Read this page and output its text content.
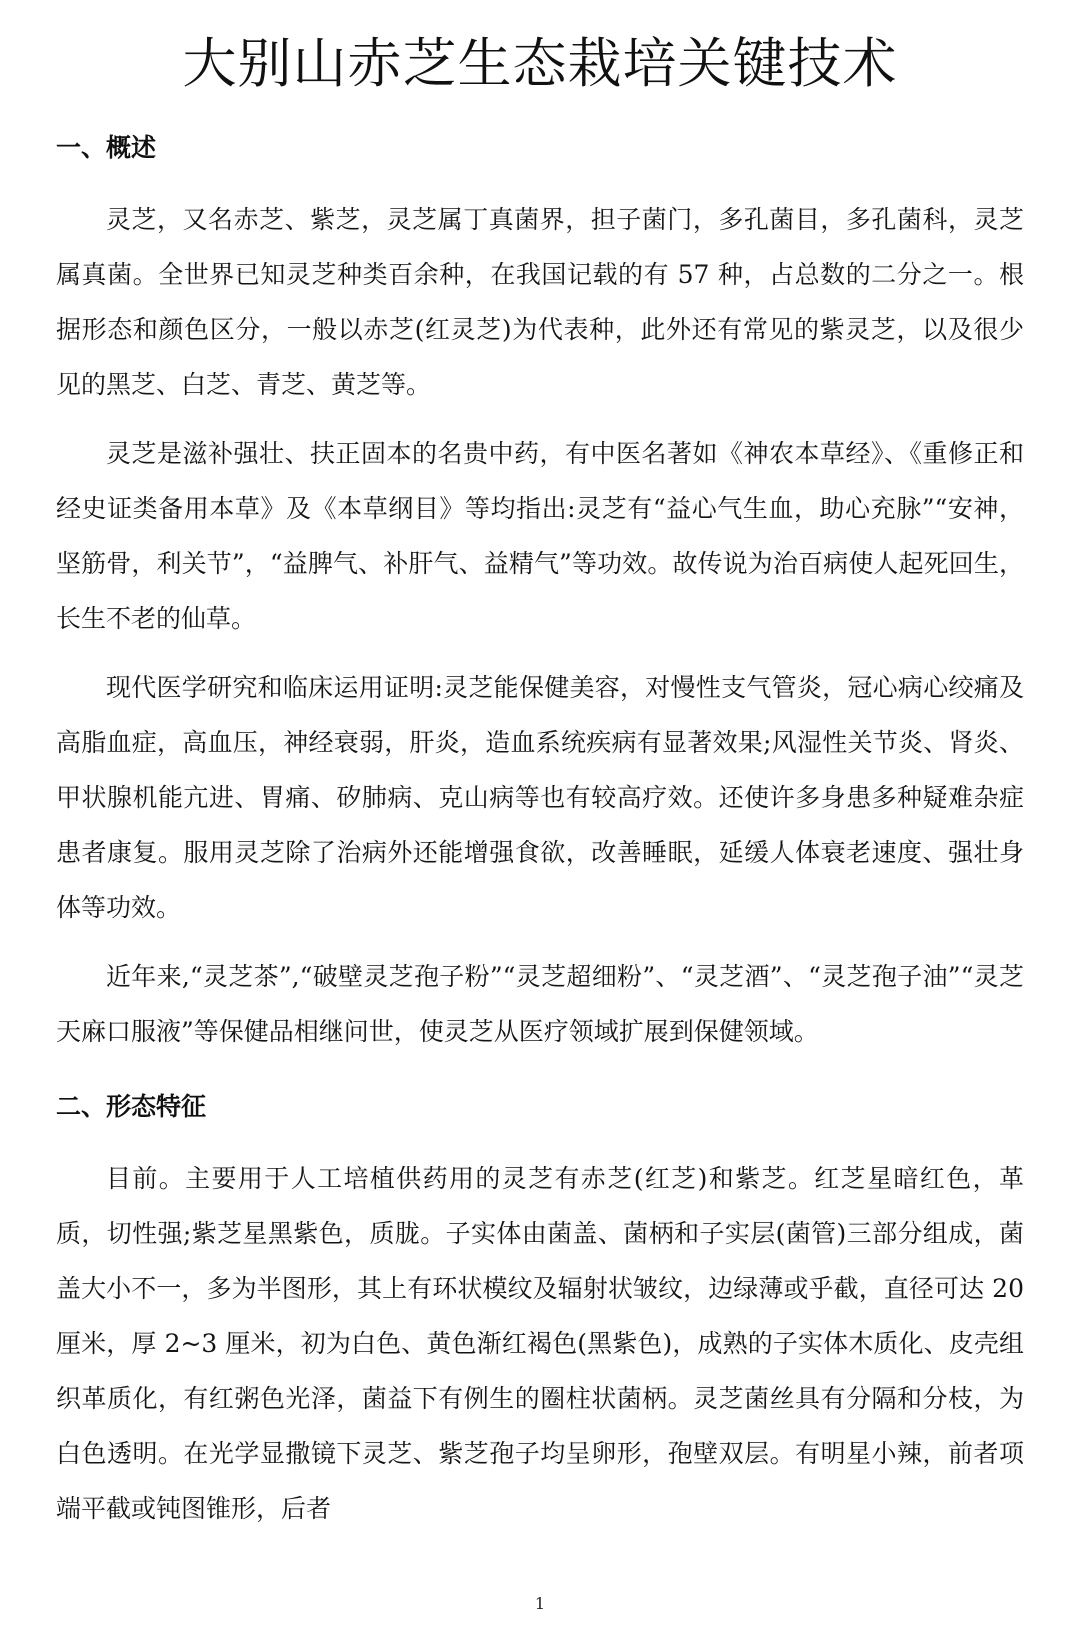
大别山赤芝生态栽培关键技术
一、概述

灵芝，又名赤芝、紫芝，灵芝属丁真菌界，担子菌门，多孔菌目，多孔菌科，灵芝属真菌。全世界已知灵芝种类百余种，在我国记载的有 57 种，占总数的二分之一。根据形态和颜色区分，一般以赤芝(红灵芝)为代表种，此外还有常见的紫灵芝，以及很少见的黑芝、白芝、青芝、黄芝等。

灵芝是滋补强壮、扶正固本的名贵中药，有中医名著如《神农本草经》、《重修正和经史证类备用本草》及《本草纲目》等均指出:灵芝有“益心气生血，助心充脉”“安神，坚筋骨，利关节”，“益脾气、补肝气、益精气”等功效。故传说为治百病使人起死回生，长生不老的仙草。

现代医学研究和临床运用证明:灵芝能保健美容，对慢性支气管炎，冠心病心绞痛及高脂血症，高血压，神经衰弱，肝炎，造血系统疾病有显著效果;风湿性关节炎、肾炎、甲状腺机能亢进、胃痛、矽肺病、克山病等也有较高疗效。还使许多身患多种疑难杂症患者康复。服用灵芝除了治病外还能增强食欲，改善睡眠，延缓人体衰老速度、强壮身体等功效。

近年来,“灵芝茶”,“破壁灵芝孢子粉”“灵芝超细粉”、“灵芝酒”、“灵芝孢子油”“灵芝天麻口服液”等保健品相继问世，使灵芝从医疗领域扩展到保健领域。

二、形态特征

目前。主要用于人工培植供药用的灵芝有赤芝(红芝)和紫芝。红芝星暗红色，革质，切性强;紫芝星黑紫色，质胧。子实体由菌盖、菌柄和子实层(菌管)三部分组成，菌盖大小不一，多为半图形，其上有环状模纹及辐射状皱纹，边绿薄或乎截，直径可达 20 厘米，厚 2~3 厘米，初为白色、黄色渐红褐色(黑紫色)，成熟的子实体木质化、皮壳组织革质化，有红粥色光泽，菌益下有例生的圈柱状菌柄。灵芝菌丝具有分隔和分枝，为白色透明。在光学显撒镜下灵芝、紫芝孢子均呈卵形，孢壁双层。有明星小辣，前者项端平截或钝图锥形，后者

1
